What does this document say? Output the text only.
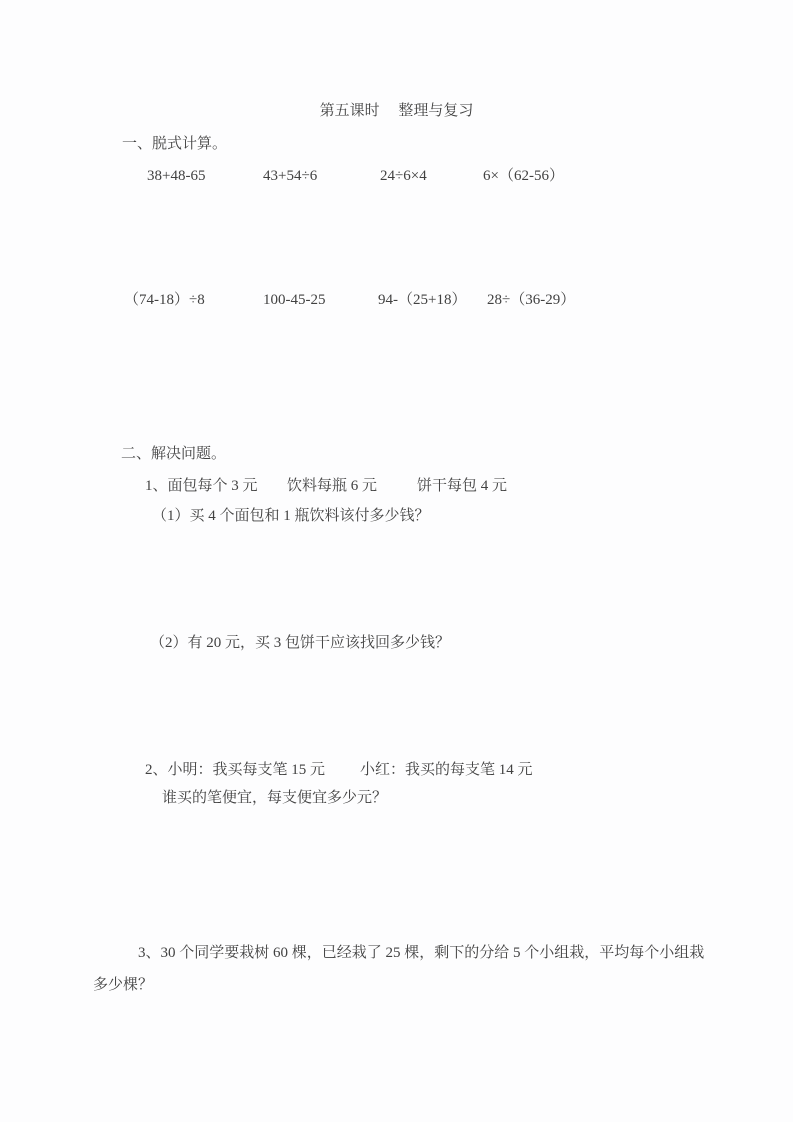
第五课时　 整理与复习
一、脱式计算。
38+48-65	43+54÷6	24÷6×4	6×（62-56）
（74-18）÷8	100-45-25	94-（25+18） 28÷（36-29）
二、解决问题。
1、面包每个 3 元 饮料每瓶 6 元	饼干每包 4 元
（1）买 4 个面包和 1 瓶饮料该付多少钱？
（2）有 20 元，买 3 包饼干应该找回多少钱？
2、小明：我买每支笔 15 元 小红：我买的每支笔 14 元
谁买的笔便宜，每支便宜多少元？
3、30 个同学要栽树 60 棵，已经栽了 25 棵，剩下的分给 5 个小组栽，平均每个小组栽
多少棵？
